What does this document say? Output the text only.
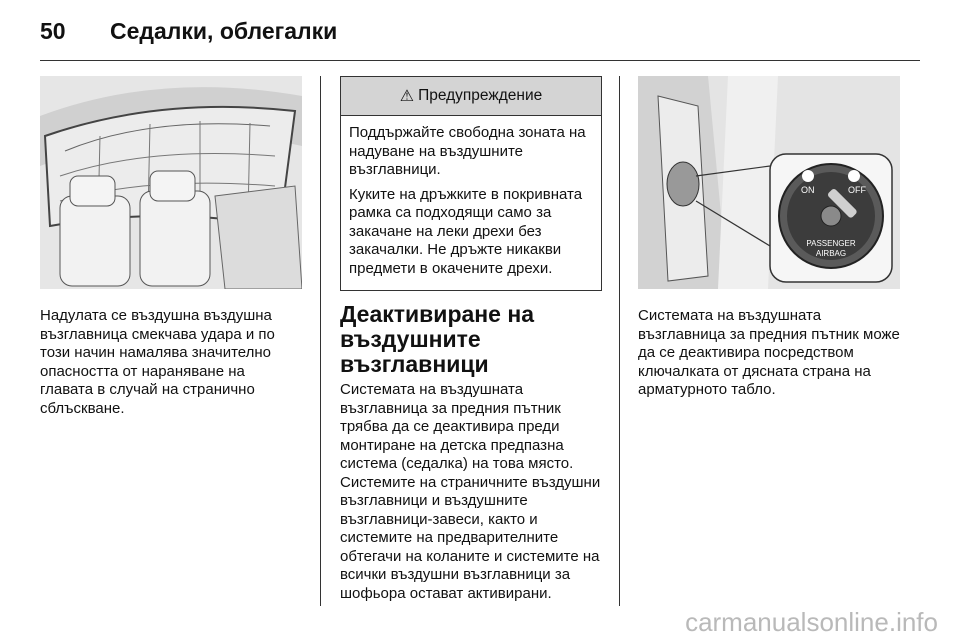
50	Седалки, облегалки

Надулата се въздушна въздушна възглавница смекчава удара и по този начин намалява значително опасността от нараняване на главата в случай на странично сблъскване.

⚠ Предупреждение

Поддържайте свободна зоната на надуване на въздушните възглавници.

Куките на дръжките в покривната рамка са подходящи само за закачане на леки дрехи без закачалки. Не дръжте никакви предмети в окачените дрехи.

Деактивиране на въздушните възглавници

Системата на въздушната възглавница за предния пътник трябва да се деактивира преди монтиране на детска предпазна система (седалка) на това място. Системите на страничните въздушни възглавници и въздушните възглавници-завеси, както и системите на предварителните обтегачи на коланите и системите на всички въздушни възглавници за шофьора остават активирани.

ON	OFF
PASSENGER
AIRBAG

Системата на въздушната възглавница за предния пътник може да се деактивира посредством ключалката от дясната страна на арматурното табло.

carmanualsonline.info
